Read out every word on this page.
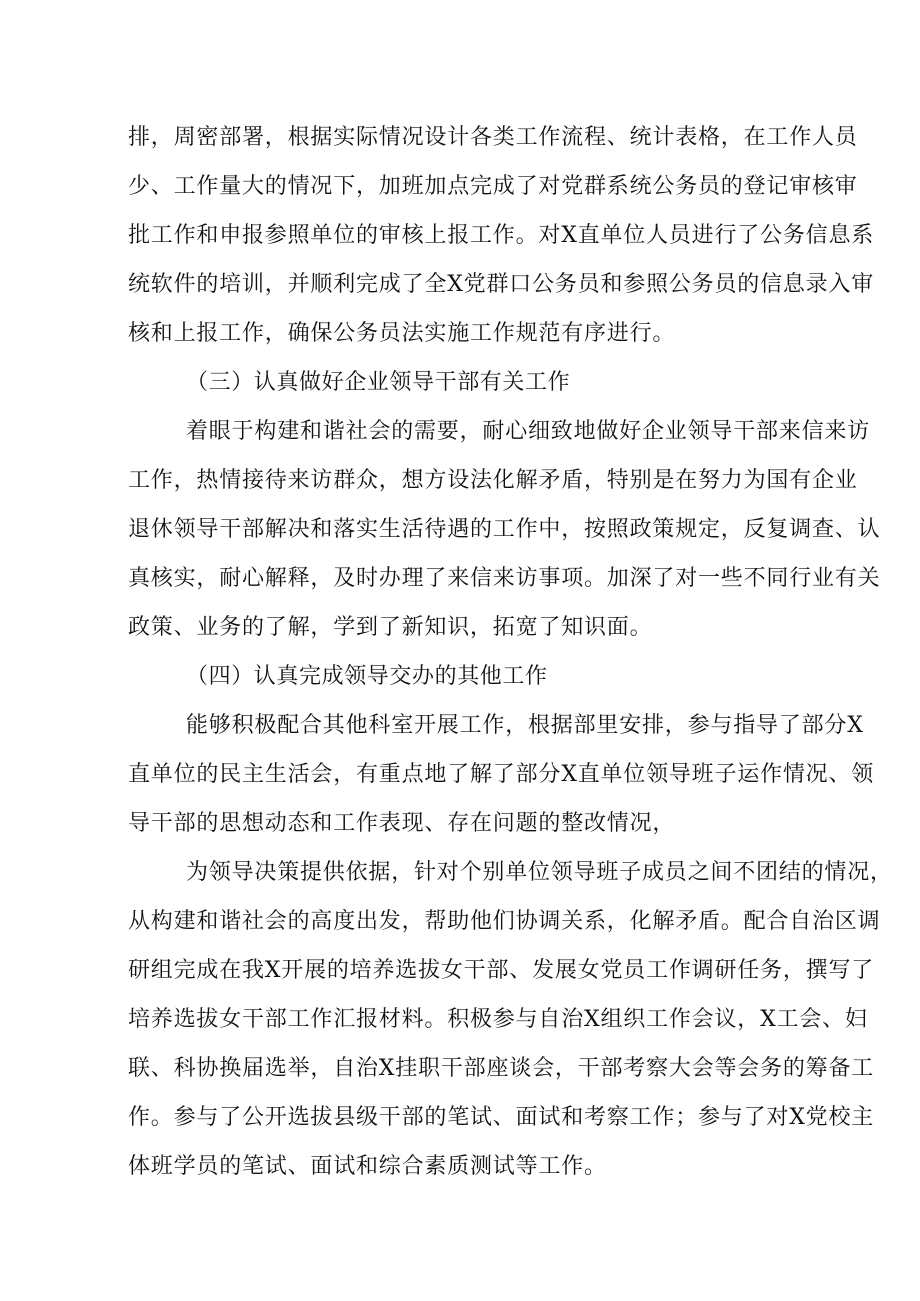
排，周密部署，根据实际情况设计各类工作流程、统计表格，在工作人员
少、工作量大的情况下，加班加点完成了对党群系统公务员的登记审核审
批工作和申报参照单位的审核上报工作。对X直单位人员进行了公务信息系
统软件的培训，并顺利完成了全X党群口公务员和参照公务员的信息录入审
核和上报工作，确保公务员法实施工作规范有序进行。
（三）认真做好企业领导干部有关工作
着眼于构建和谐社会的需要，耐心细致地做好企业领导干部来信来访
工作，热情接待来访群众，想方设法化解矛盾，特别是在努力为国有企业
退休领导干部解决和落实生活待遇的工作中，按照政策规定，反复调查、认
真核实，耐心解释，及时办理了来信来访事项。加深了对一些不同行业有关
政策、业务的了解，学到了新知识，拓宽了知识面。
（四）认真完成领导交办的其他工作
能够积极配合其他科室开展工作，根据部里安排，参与指导了部分X
直单位的民主生活会，有重点地了解了部分X直单位领导班子运作情况、领
导干部的思想动态和工作表现、存在问题的整改情况，
为领导决策提供依据，针对个别单位领导班子成员之间不团结的情况，
从构建和谐社会的高度出发，帮助他们协调关系，化解矛盾。配合自治区调
研组完成在我X开展的培养选拔女干部、发展女党员工作调研任务，撰写了
培养选拔女干部工作汇报材料。积极参与自治X组织工作会议，X工会、妇
联、科协换届选举，自治X挂职干部座谈会，干部考察大会等会务的筹备工
作。参与了公开选拔县级干部的笔试、面试和考察工作；参与了对X党校主
体班学员的笔试、面试和综合素质测试等工作。
